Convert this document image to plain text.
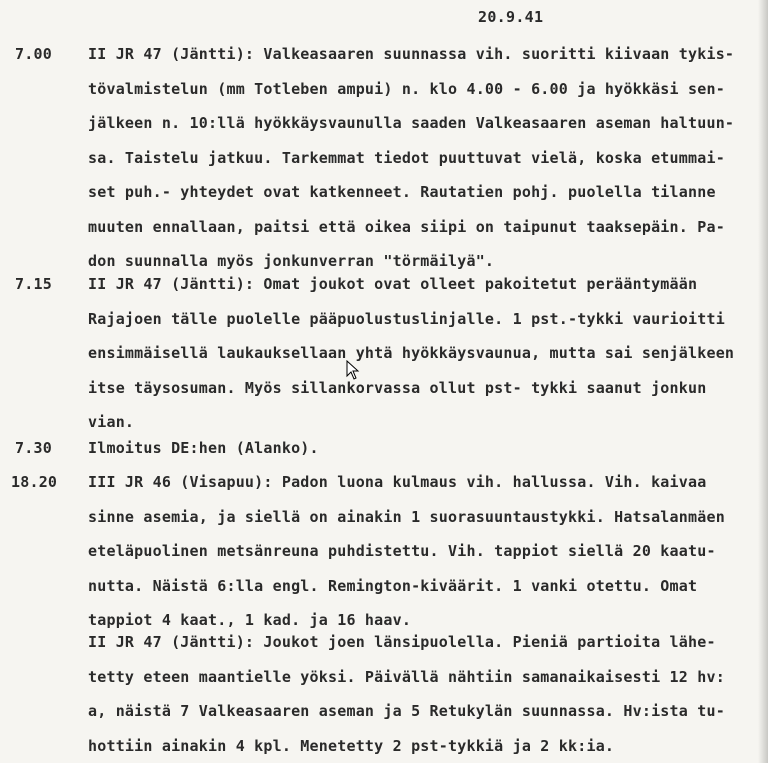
20.9.41
7.00 II JR 47 (Jäntti): Valkeasaaren suunnassa vih. suoritti kiivaan tykis-
tövalmistelun (mm Totleben ampui) n. klo 4.00 - 6.00 ja hyökkäsi sen-
jälkeen n. 10:llä hyökkäysvaunulla saaden Valkeasaaren aseman haltuun-
sa. Taistelu jatkuu. Tarkemmat tiedot puuttuvat vielä, koska etummai-
set puh.- yhteydet ovat katkenneet. Rautatien pohj. puolella tilanne
muuten ennallaan, paitsi että oikea siipi on taipunut taaksepäin. Pa-
don suunnalla myös jonkunverran "törmäilyä".
7.15 II JR 47 (Jäntti): Omat joukot ovat olleet pakoitetut perääntymään
Rajajoen tälle puolelle pääpuolustuslinjalle. 1 pst.-tykki vaurioitti
ensimmäisellä laukauksellaan yhtä hyökkäysvaunua, mutta sai senjälkeen
itse täysosuman. Myös sillankorvassa ollut pst- tykki saanut jonkun
vian.
7.30 Ilmoitus DE:hen (Alanko).
18.20 III JR 46 (Visapuu): Padon luona kulmaus vih. hallussa. Vih. kaivaa
sinne asemia, ja siellä on ainakin 1 suorasuuntaustykki. Hatsalanmäen
eteläpuolinen metsänreuna puhdistettu. Vih. tappiot siellä 20 kaatu-
nutta. Näistä 6:lla engl. Remington-kiväärit. 1 vanki otettu. Omat
tappiot 4 kaat., 1 kad. ja 16 haav.
II JR 47 (Jäntti): Joukot joen länsipuolella. Pieniä partioita lähe-
tetty eteen maantielle yöksi. Päivällä nähtiin samanaikaisesti 12 hv:
a, näistä 7 Valkeasaaren aseman ja 5 Retukylän suunnassa. Hv:ista tu-
hottiin ainakin 4 kpl. Menetetty 2 pst-tykkiä ja 2 kk:ia.
